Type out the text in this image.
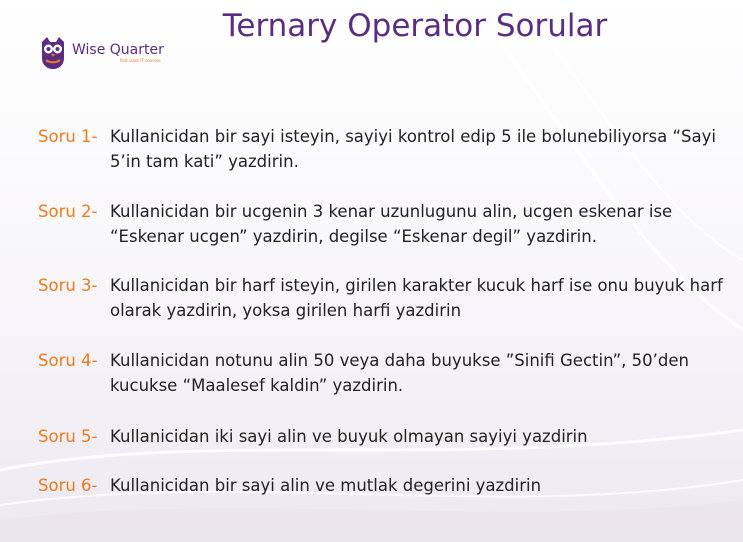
Wise Quarter
first class IT courses
Ternary Operator Sorular
Soru 1- Kullanicidan bir sayi isteyin, sayiyi kontrol edip 5 ile bolunebiliyorsa “Sayi 5’in tam kati” yazdirin.
Soru 2- Kullanicidan bir ucgenin 3 kenar uzunlugunu alin, ucgen eskenar ise “Eskenar ucgen” yazdirin, degilse “Eskenar degil” yazdirin.
Soru 3- Kullanicidan bir harf isteyin, girilen karakter kucuk harf ise onu buyuk harf olarak yazdirin, yoksa girilen harfi yazdirin
Soru 4- Kullanicidan notunu alin 50 veya daha buyukse ”Sinifi Gectin”, 50’den kucukse “Maalesef kaldin” yazdirin.
Soru 5- Kullanicidan iki sayi alin ve buyuk olmayan sayiyi yazdirin
Soru 6- Kullanicidan bir sayi alin ve mutlak degerini yazdirin
